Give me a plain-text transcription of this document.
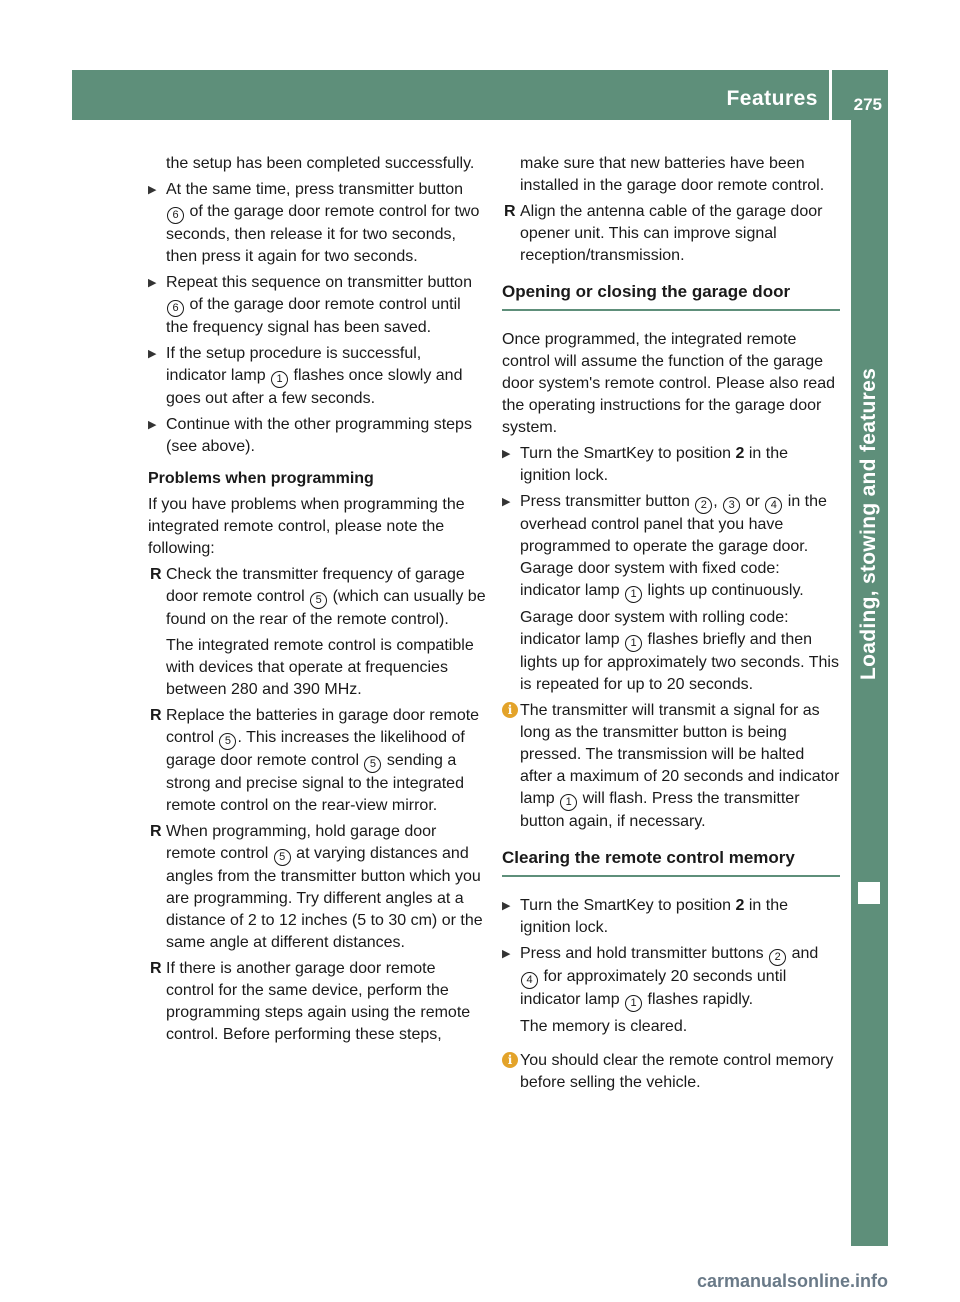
Features 275
Loading, stowing and features

the setup has been completed successfully.

▶ At the same time, press transmitter button 6 of the garage door remote control for two seconds, then release it for two seconds, then press it again for two seconds.
▶ Repeat this sequence on transmitter button 6 of the garage door remote control until the frequency signal has been saved.
▶ If the setup procedure is successful, indicator lamp 1 flashes once slowly and goes out after a few seconds.
▶ Continue with the other programming steps (see above).

Problems when programming

If you have problems when programming the integrated remote control, please note the following:

R Check the transmitter frequency of garage door remote control 5 (which can usually be found on the rear of the remote control).

The integrated remote control is compatible with devices that operate at frequencies between 280 and 390 MHz.

R Replace the batteries in garage door remote control 5 . This increases the likelihood of garage door remote control 5 sending a strong and precise signal to the integrated remote control on the rear-view mirror.
R When programming, hold garage door remote control 5 at varying distances and angles from the transmitter button which you are programming. Try different angles at a distance of 2 to 12 inches (5 to 30 cm) or the same angle at different distances.
R If there is another garage door remote control for the same device, perform the programming steps again using the remote control. Before performing these steps,

make sure that new batteries have been installed in the garage door remote control.

R Align the antenna cable of the garage door opener unit. This can improve signal reception/transmission.
Opening or closing the garage door

Once programmed, the integrated remote control will assume the function of the garage door system's remote control. Please also read the operating instructions for the garage door system.

▶ Turn the SmartKey to position 2 in the ignition lock.
▶ Press transmitter button 2 , 3 or 4 in the overhead control panel that you have programmed to operate the garage door. Garage door system with fixed code: indicator lamp 1 lights up continuously.

Garage door system with rolling code: indicator lamp 1 flashes briefly and then lights up for approximately two seconds. This is repeated for up to 20 seconds.

i The transmitter will transmit a signal for as long as the transmitter button is being pressed. The transmission will be halted after a maximum of 20 seconds and indicator lamp 1 will flash. Press the transmitter button again, if necessary.
Clearing the remote control memory
▶ Turn the SmartKey to position 2 in the ignition lock.
▶ Press and hold transmitter buttons 2 and 4 for approximately 20 seconds until indicator lamp 1 flashes rapidly.

The memory is cleared.

i You should clear the remote control memory before selling the vehicle.
carmanualsonline.info
